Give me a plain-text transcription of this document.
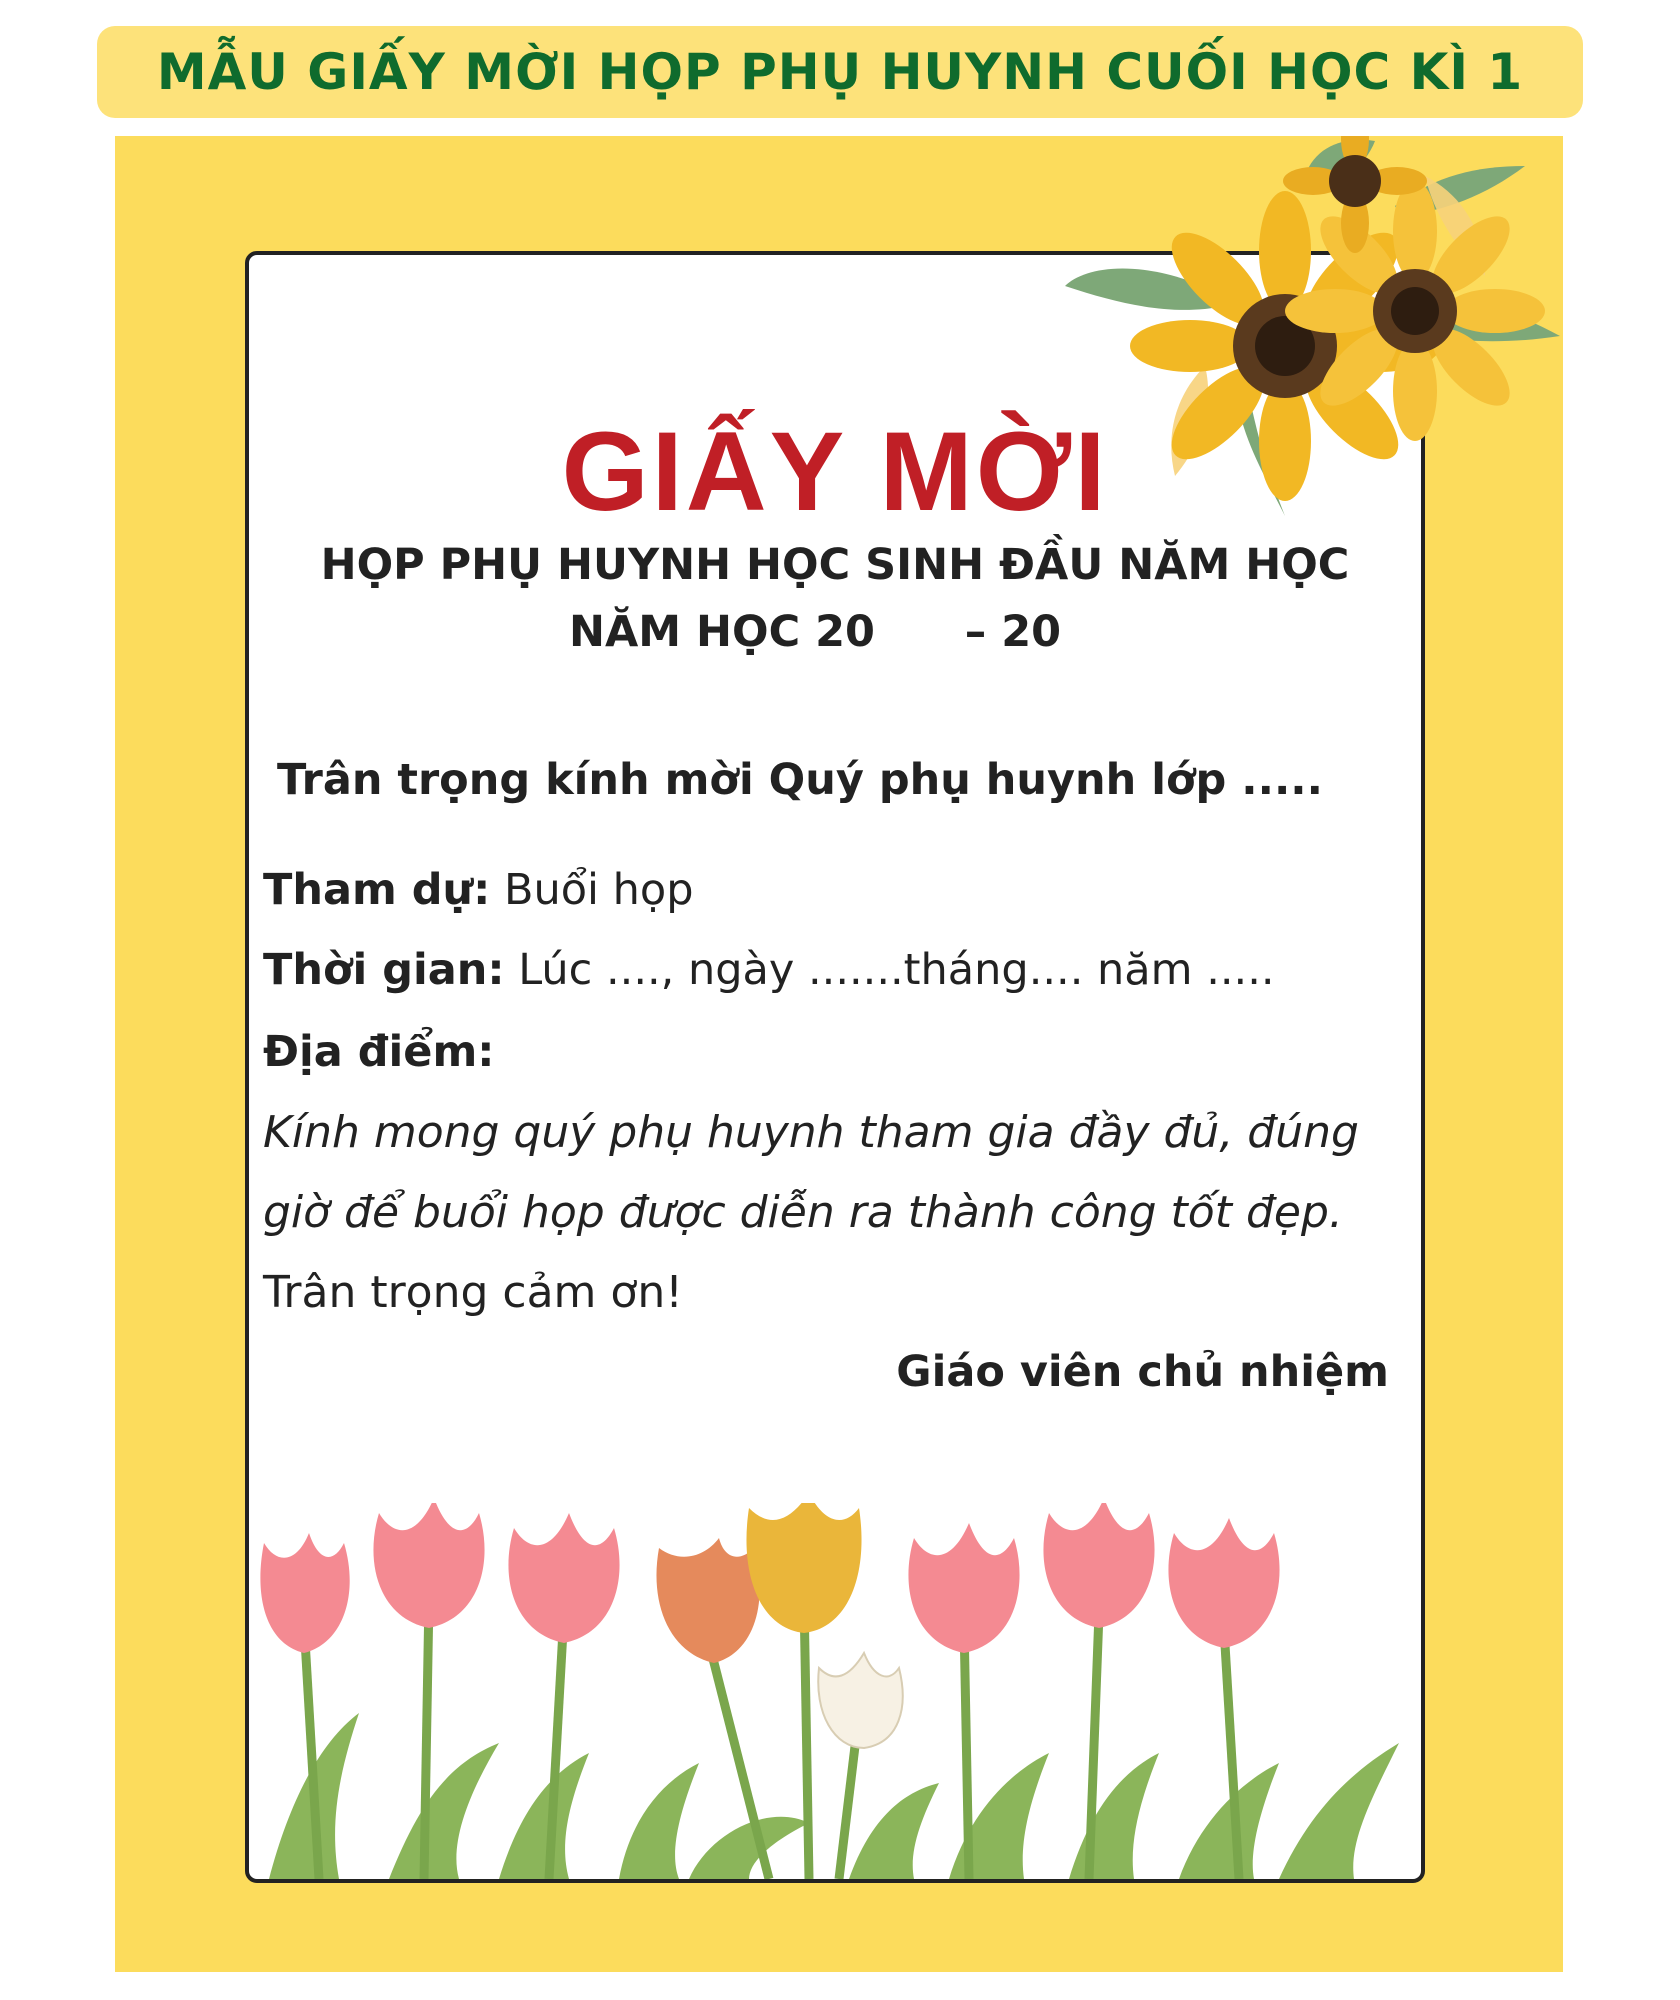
MẪU GIẤY MỜI HỌP PHỤ HUYNH CUỐI HỌC KÌ 1
GIẤY MỜI
HỌP PHỤ HUYNH HỌC SINH ĐẦU NĂM HỌC
NĂM HỌC 20      – 20
Trân trọng kính mời Quý phụ huynh lớp .....
Tham dự: Buổi họp
Thời gian: Lúc ...., ngày .......tháng.... năm .....
Địa điểm:
Kính mong quý phụ huynh tham gia đầy đủ, đúng
giờ để buổi họp được diễn ra thành công tốt đẹp.
Trân trọng cảm ơn!
Giáo viên chủ nhiệm
